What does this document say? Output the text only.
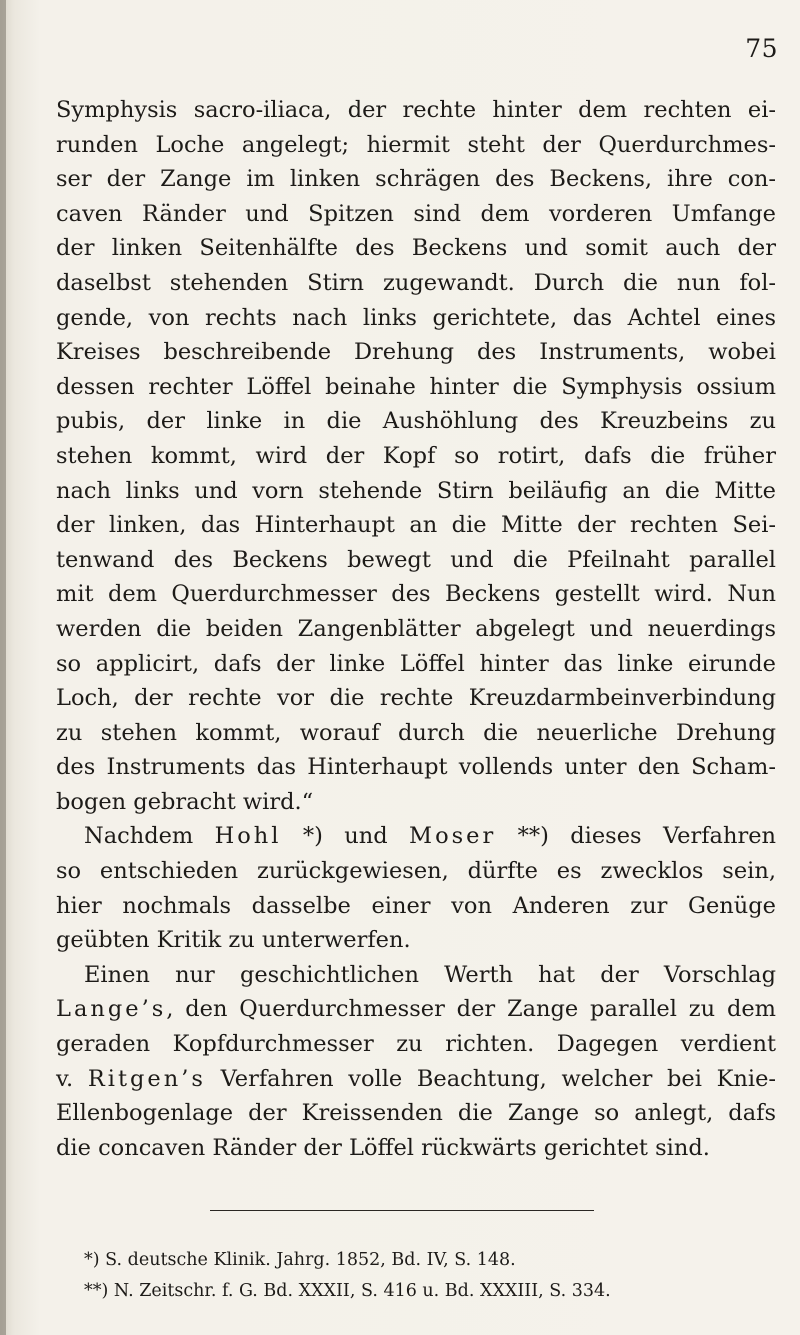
75
Symphysis sacro-iliaca, der rechte hinter dem rechten ei-
runden Loche angelegt; hiermit steht der Querdurchmes-
ser der Zange im linken schrägen des Beckens, ihre con-
caven Ränder und Spitzen sind dem vorderen Umfange
der linken Seitenhälfte des Beckens und somit auch der
daselbst stehenden Stirn zugewandt. Durch die nun fol-
gende, von rechts nach links gerichtete, das Achtel eines
Kreises beschreibende Drehung des Instruments, wobei
dessen rechter Löffel beinahe hinter die Symphysis ossium
pubis, der linke in die Aushöhlung des Kreuzbeins zu
stehen kommt, wird der Kopf so rotirt, dafs die früher
nach links und vorn stehende Stirn beiläufig an die Mitte
der linken, das Hinterhaupt an die Mitte der rechten Sei-
tenwand des Beckens bewegt und die Pfeilnaht parallel
mit dem Querdurchmesser des Beckens gestellt wird. Nun
werden die beiden Zangenblätter abgelegt und neuerdings
so applicirt, dafs der linke Löffel hinter das linke eirunde
Loch, der rechte vor die rechte Kreuzdarmbeinverbindung
zu stehen kommt, worauf durch die neuerliche Drehung
des Instruments das Hinterhaupt vollends unter den Scham-
bogen gebracht wird.“
Nachdem Hohl *) und Moser **) dieses Verfahren
so entschieden zurückgewiesen, dürfte es zwecklos sein,
hier nochmals dasselbe einer von Anderen zur Genüge
geübten Kritik zu unterwerfen.
Einen nur geschichtlichen Werth hat der Vorschlag
Lange’s, den Querdurchmesser der Zange parallel zu dem
geraden Kopfdurchmesser zu richten. Dagegen verdient
v. Ritgen’s Verfahren volle Beachtung, welcher bei Knie-
Ellenbogenlage der Kreissenden die Zange so anlegt, dafs
die concaven Ränder der Löffel rückwärts gerichtet sind.
*) S. deutsche Klinik. Jahrg. 1852, Bd. IV, S. 148.
**) N. Zeitschr. f. G. Bd. XXXII, S. 416 u. Bd. XXXIII, S. 334.
